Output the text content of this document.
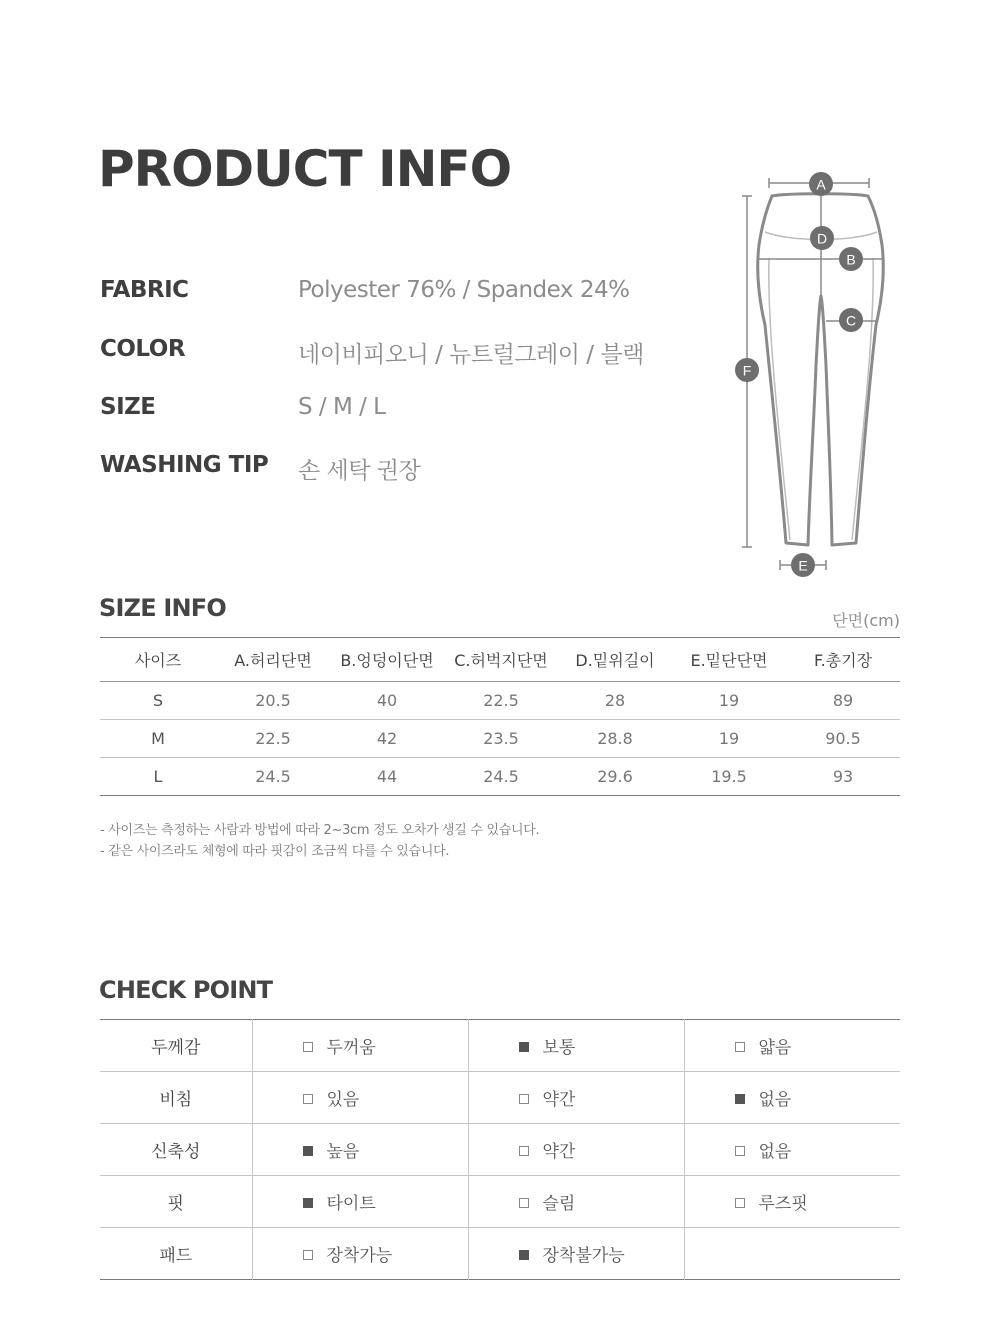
PRODUCT INFO
FABRIC	Polyester 76% / Spandex 24%
COLOR	네이비피오니 / 뉴트럴그레이 / 블랙
SIZE	S / M / L
WASHING TIP 손 세탁 권장
A
B
C
D
E
F
SIZE INFO	단면(cm)
사이즈	A.허리단면	B.엉덩이단면	C.허벅지단면	D.밑위길이	E.밑단단면	F.총기장
S	20.5	40	22.5	28	19	89
M	22.5	42	23.5	28.8	19	90.5
L	24.5	44	24.5	29.6	19.5	93
- 사이즈는 측정하는 사람과 방법에 따라 2~3cm 정도 오차가 생길 수 있습니다.
- 같은 사이즈라도 체형에 따라 핏감이 조금씩 다를 수 있습니다.
CHECK POINT
두께감	두꺼움	보통	얇음
비침	있음	약간	없음
신축성	높음	약간	없음
핏	타이트	슬림	루즈핏
패드	장착가능	장착불가능	
